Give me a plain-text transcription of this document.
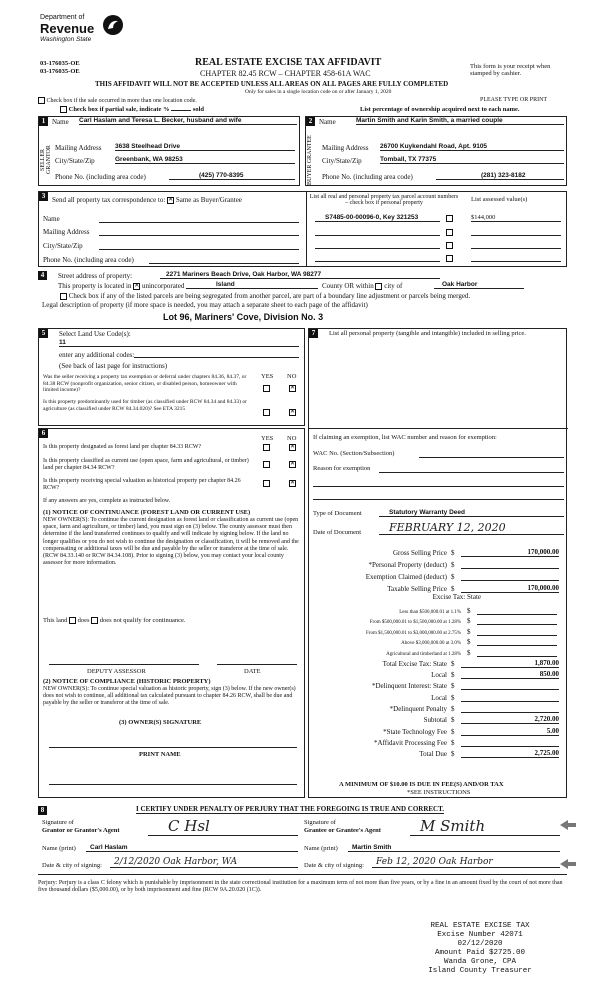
Department of
Revenue
Washington State
03-176035-OE
03-176035-OE
REAL ESTATE EXCISE TAX AFFIDAVIT
CHAPTER 82.45 RCW – CHAPTER 458-61A WAC
This form is your receipt when stamped by cashier.
THIS AFFIDAVIT WILL NOT BE ACCEPTED UNLESS ALL AREAS ON ALL PAGES ARE FULLY COMPLETED
Only for sales in a single location code on or after January 1, 2020
PLEASE TYPE OR PRINT
Check box if the sale occurred in more than one location code.
Check box if partial sale, indicate %	sold	List percentage of ownership acquired next to each name.
1 Name Carl Haslam and Teresa L. Becker, husband and wife
SELLER GRANTOR Mailing Address 3638 Steelhead Drive
City/State/Zip	Greenbank, WA 98253
Phone No. (including area code)	(425) 770-8395
2 Name	Martin Smith and Karin Smith, a married couple
BUYER GRANTEE Mailing Address 26700 Kuykendahl Road, Apt. 9105
City/State/Zip	Tomball, TX 77375
Phone No. (including area code)	(281) 323-8182
3 Send all property tax correspondence to: ✕ Same as Buyer/Grantee
Name
Mailing Address
City/State/Zip
Phone No. (including area code)
List all real and personal property tax parcel account numbers – check box if personal property	List assessed value(s)
S7485-00-00096-0, Key 321253	$144,000
4	Street address of property:	2271 Mariners Beach Drive, Oak Harbor, WA 98277
This property is located in ✕ unincorporated	Island	County OR within city of	Oak Harbor
Check box if any of the listed parcels are being segregated from another parcel, are part of a boundary line adjustment or parcels being merged.
Legal description of property (if more space is needed, you may attach a separate sheet to each page of the affidavit)
Lot 96, Mariners' Cove, Division No. 3
5	Select Land Use Code(s):
11
enter any additional codes:
(See back of last page for instructions)
YES NO
Was the seller receiving a property tax exemption or deferral under chapters 84.36, 84.37, or 84.38 RCW (nonprofit organization, senior citizen, or disabled person, homeowner with limited income)?	✕
Is this property predominantly used for timber (as classified under RCW 84.34 and 84.33) or agriculture (as classified under RCW 84.34.020)? See ETA 3215
✕
6
YES NO
Is this property designated as forest land per chapter 84.33 RCW?	✕
Is this property classified as current use (open space, farm and agricultural, or timber) land per chapter 84.34 RCW?
✕
Is this property receiving special valuation as historical property per chapter 84.26 RCW?
✕
If any answers are yes, complete as instructed below.
(1) NOTICE OF CONTINUANCE (FOREST LAND OR CURRENT USE)
NEW OWNER(S): To continue the current designation as forest land or classification as current use (open space, farm and agriculture, or timber) land, you must sign on (3) below. The county assessor must then determine if the land transferred continues to qualify and will indicate by signing below. If the land no longer qualifies or you do not wish to continue the designation or classification, it will be removed and the compensating or additional taxes will be due and payable by the seller or transferor at the time of sale. (RCW 84.33.140 or RCW 84.34.108). Prior to signing (3) below, you may contact your local county assessor for more information.
This land does does not qualify for continuance.
DEPUTY ASSESSOR	DATE
(2) NOTICE OF COMPLIANCE (HISTORIC PROPERTY)
NEW OWNER(S): To continue special valuation as historic property, sign (3) below. If the new owner(s) does not wish to continue, all additional tax calculated pursuant to chapter 84.26 RCW, shall be due and payable by the seller or transferor at the time of sale.
(3) OWNER(S) SIGNATURE
PRINT NAME
7	List all personal property (tangible and intangible) included in selling price.
If claiming an exemption, list WAC number and reason for exemption:
WAC No. (Section/Subsection)
Reason for exemption
Type of Document	Statutory Warranty Deed
Date of Document	FEBRUARY 12, 2020
Gross Selling Price $	170,000.00
*Personal Property (deduct) $
Exemption Claimed (deduct) $
Taxable Selling Price $	170,000.00
Excise Tax: State
Less than $500,000.01 at 1.1% $
From $500,000.01 to $1,500,000.00 at 1.28% $
From $1,500,000.01 to $3,000,000.00 at 2.75% $
Above $3,000,000.00 at 3.0% $
Agricultural and timberland at 1.28% $
Total Excise Tax: State $	1,870.00
Local $	850.00
*Delinquent Interest: State $
Local $
*Delinquent Penalty $
Subtotal $	2,720.00
*State Technology Fee $	5.00
*Affidavit Processing Fee $
Total Due $	2,725.00
A MINIMUM OF $10.00 IS DUE IN FEE(S) AND/OR TAX
*SEE INSTRUCTIONS
8	I CERTIFY UNDER PENALTY OF PERJURY THAT THE FOREGOING IS TRUE AND CORRECT.
Signature of
Grantor or Grantor's Agent	C Hsl	Signature of
Grantee or Grantee's Agent	M Smith
Name (print)	Carl Haslam	Name (print)	Martin Smith
Date & city of signing:	2/12/2020 Oak Harbor, WA	Date & city of signing:	Feb 12, 2020 Oak Harbor
Perjury: Perjury is a class C felony which is punishable by imprisonment in the state correctional institution for a maximum term of not more than five years, or by a fine in an amount fixed by the court of not more than five thousand dollars ($5,000.00), or by both imprisonment and fine (RCW 9A.20.020 (1C)).
REAL ESTATE EXCISE TAX
Excise Number 42071
02/12/2020
Amount Paid $2725.00
Wanda Grone, CPA
Island County Treasurer
